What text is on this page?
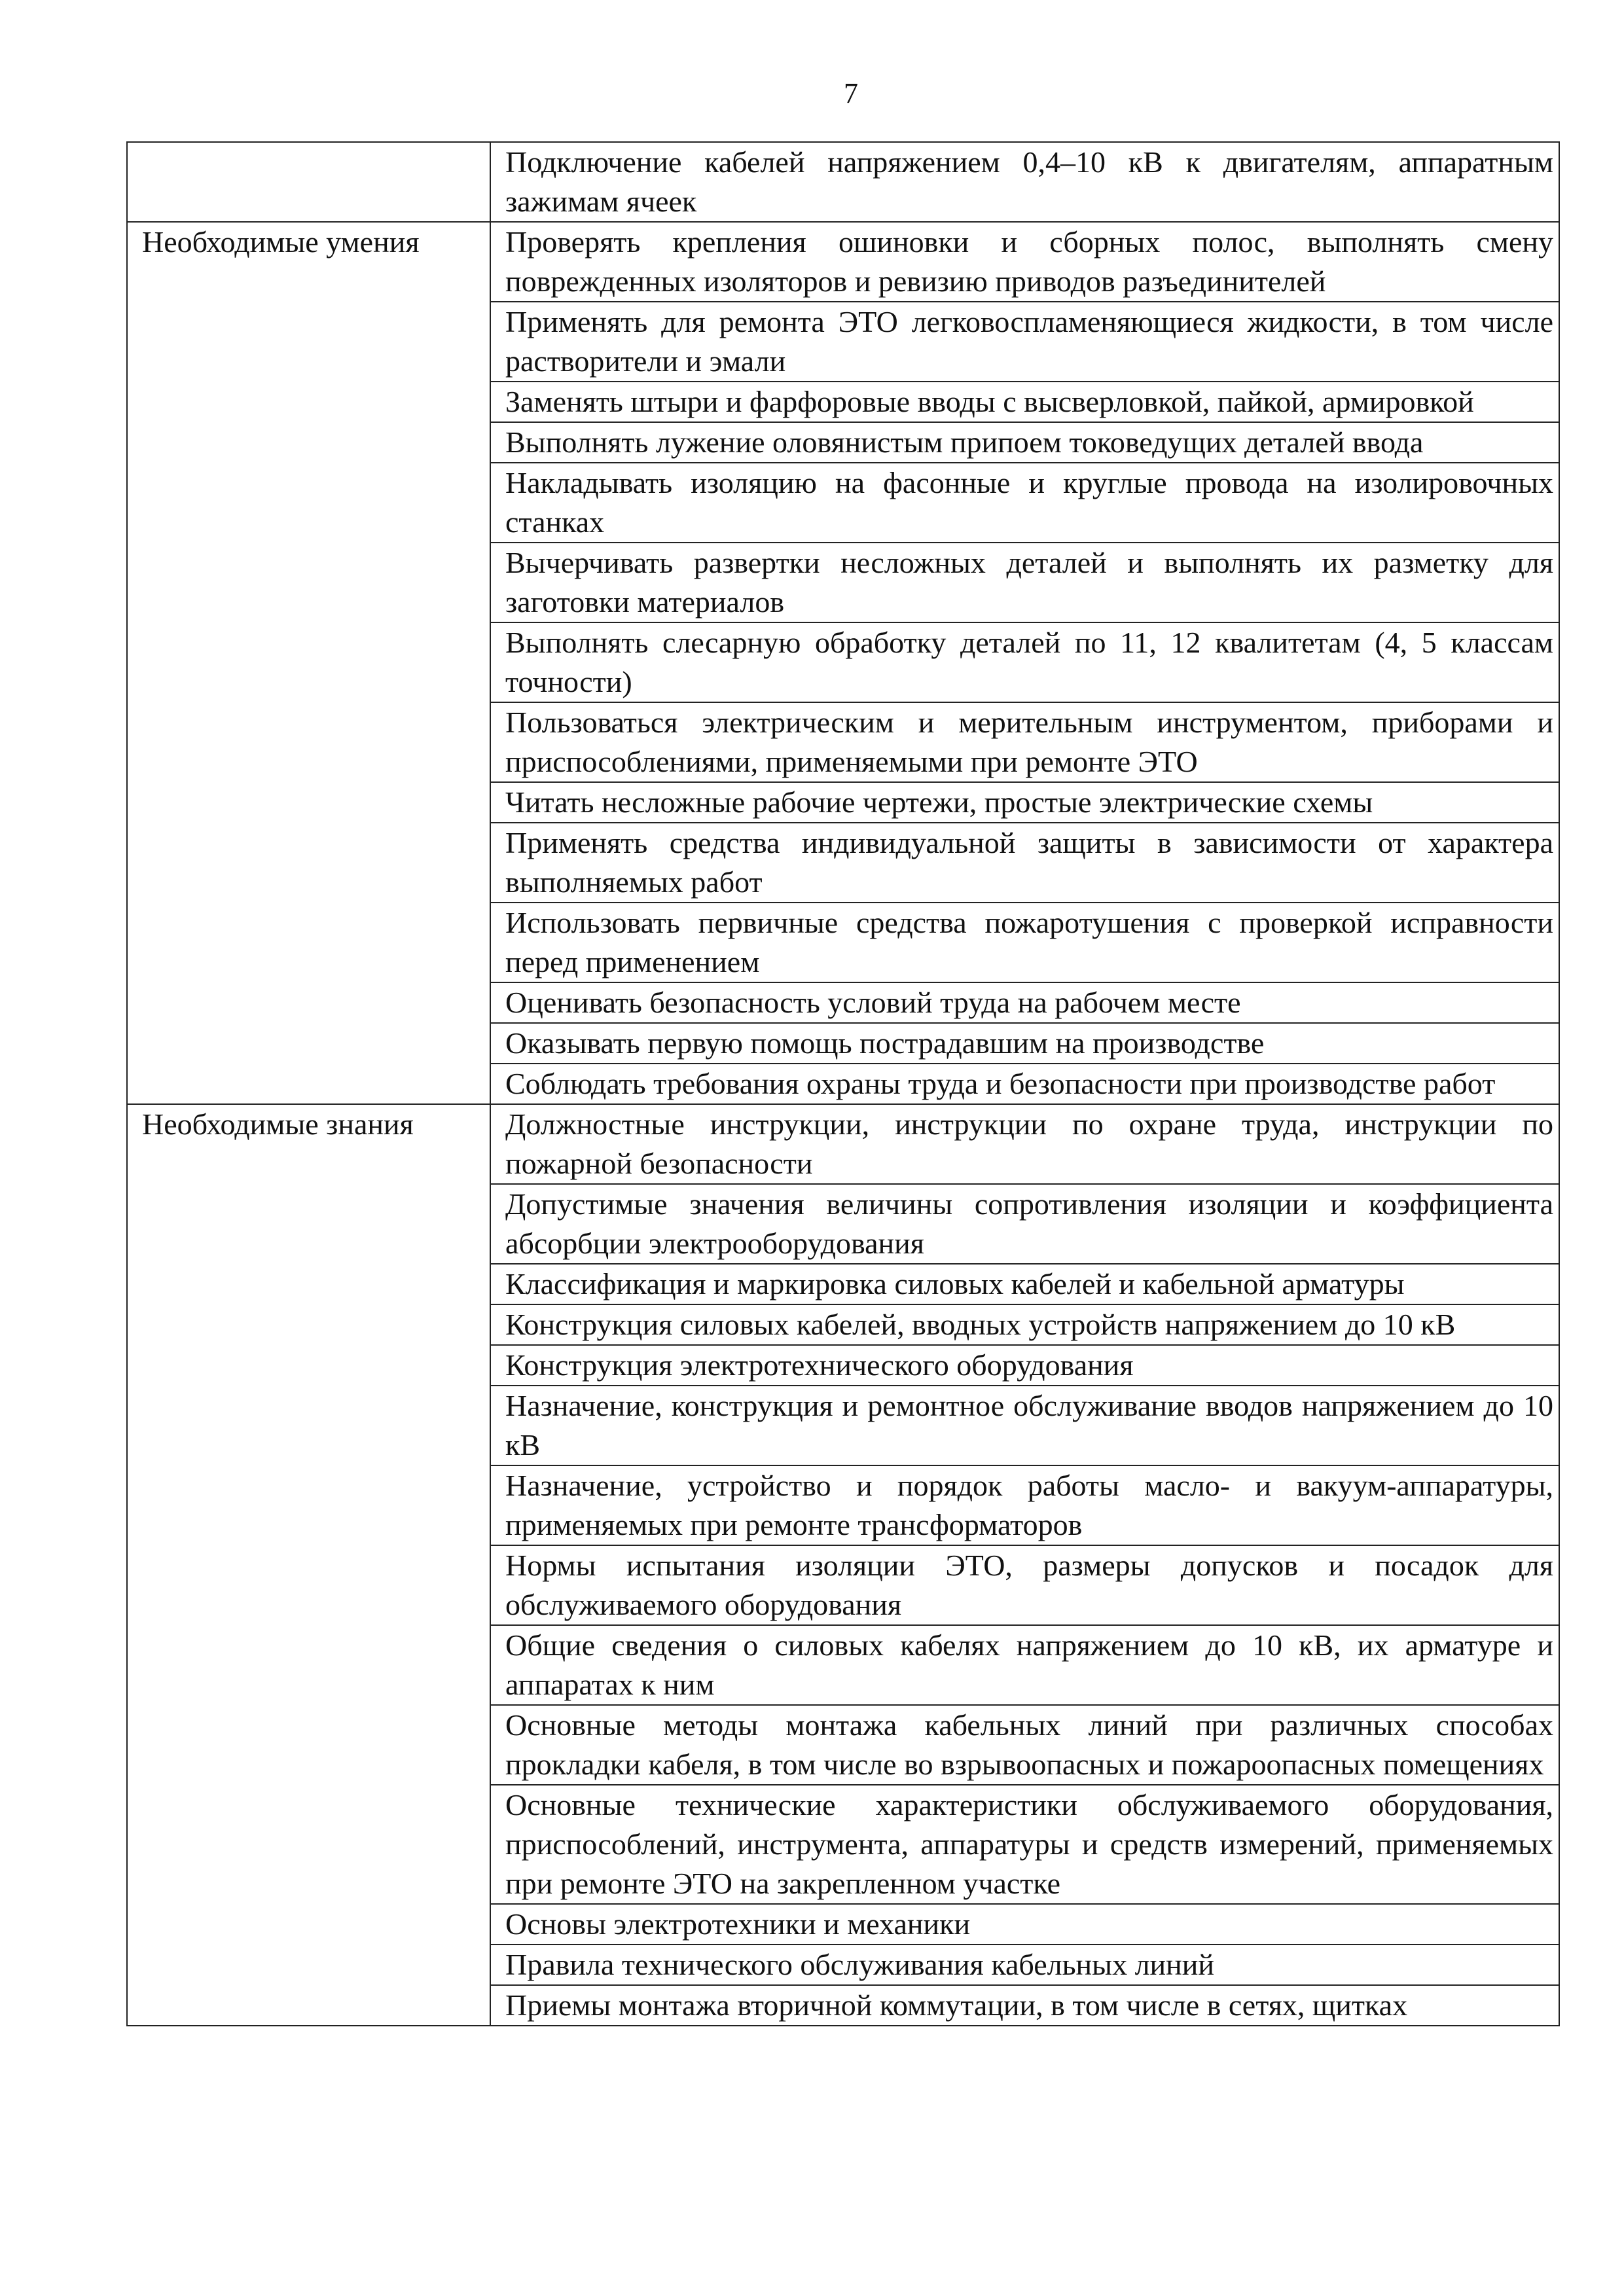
7
	Подключение кабелей напряжением 0,4–10 кВ к двигателям, аппаратным зажимам ячеек
Необходимые умения	Проверять крепления ошиновки и сборных полос, выполнять смену поврежденных изоляторов и ревизию приводов разъединителей
	Применять для ремонта ЭТО легковоспламеняющиеся жидкости, в том числе растворители и эмали
	Заменять штыри и фарфоровые вводы с высверловкой, пайкой, армировкой
	Выполнять лужение оловянистым припоем токоведущих деталей ввода
	Накладывать изоляцию на фасонные и круглые провода на изолировочных станках
	Вычерчивать развертки несложных деталей и выполнять их разметку для заготовки материалов
	Выполнять слесарную обработку деталей по 11, 12 квалитетам (4, 5 классам точности)
	Пользоваться электрическим и мерительным инструментом, приборами и приспособлениями, применяемыми при ремонте ЭТО
	Читать несложные рабочие чертежи, простые электрические схемы
	Применять средства индивидуальной защиты в зависимости от характера выполняемых работ
	Использовать первичные средства пожаротушения с проверкой исправности перед применением
	Оценивать безопасность условий труда на рабочем месте
	Оказывать первую помощь пострадавшим на производстве
	Соблюдать требования охраны труда и безопасности при производстве работ
Необходимые знания	Должностные инструкции, инструкции по охране труда, инструкции по пожарной безопасности
	Допустимые значения величины сопротивления изоляции и коэффициента абсорбции электрооборудования
	Классификация и маркировка силовых кабелей и кабельной арматуры
	Конструкция силовых кабелей, вводных устройств напряжением до 10 кВ
	Конструкция электротехнического оборудования
	Назначение, конструкция и ремонтное обслуживание вводов напряжением до 10 кВ
	Назначение, устройство и порядок работы масло- и вакуум-аппаратуры, применяемых при ремонте трансформаторов
	Нормы испытания изоляции ЭТО, размеры допусков и посадок для обслуживаемого оборудования
	Общие сведения о силовых кабелях напряжением до 10 кВ, их арматуре и аппаратах к ним
	Основные методы монтажа кабельных линий при различных способах прокладки кабеля, в том числе во взрывоопасных и пожароопасных помещениях
	Основные технические характеристики обслуживаемого оборудования, приспособлений, инструмента, аппаратуры и средств измерений, применяемых при ремонте ЭТО на закрепленном участке
	Основы электротехники и механики
	Правила технического обслуживания кабельных линий
	Приемы монтажа вторичной коммутации, в том числе в сетях, щитках
